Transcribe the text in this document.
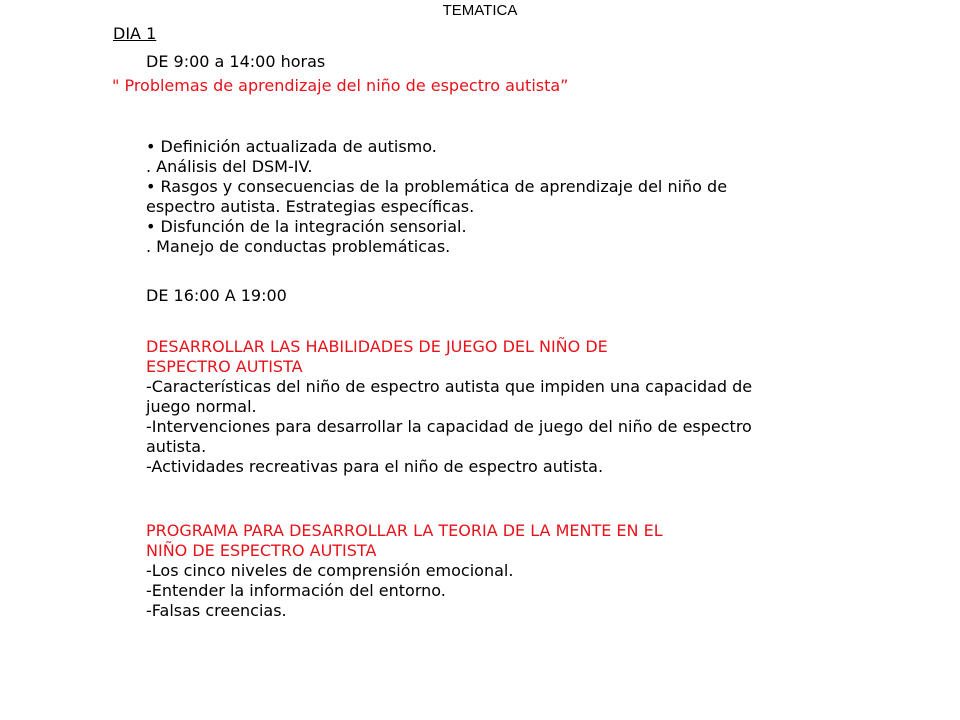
TEMATICA
DIA 1
DE 9:00 a 14:00 horas
" Problemas de aprendizaje del niño de espectro autista”
• Definición actualizada de autismo.
. Análisis del DSM-IV.
• Rasgos y consecuencias de la problemática de aprendizaje del niño de
espectro autista. Estrategias específicas.
• Disfunción de la integración sensorial.
. Manejo de conductas problemáticas.
DE 16:00 A 19:00
DESARROLLAR LAS HABILIDADES DE JUEGO DEL NIÑO DE
ESPECTRO AUTISTA
-Características del niño de espectro autista que impiden una capacidad de
juego normal.
-Intervenciones para desarrollar la capacidad de juego del niño de espectro
autista.
-Actividades recreativas para el niño de espectro autista.
PROGRAMA PARA DESARROLLAR LA TEORIA DE LA MENTE EN EL
NIÑO DE ESPECTRO AUTISTA
-Los cinco niveles de comprensión emocional.
-Entender la información del entorno.
-Falsas creencias.
